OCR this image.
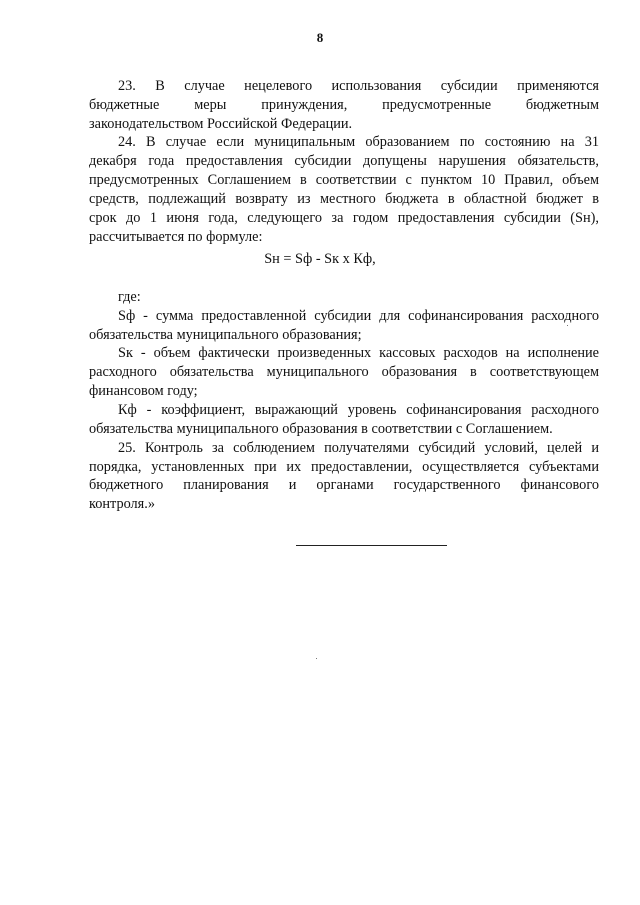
8
23. В случае нецелевого использования субсидии применяются
бюджетные меры принуждения, предусмотренные бюджетным
законодательством Российской Федерации.
24. В случае если муниципальным образованием по состоянию на 31
декабря года предоставления субсидии допущены нарушения обязательств,
предусмотренных Соглашением в соответствии с пунктом 10 Правил, объем
средств, подлежащий возврату из местного бюджета в областной бюджет в
срок до 1 июня года, следующего за годом предоставления субсидии (Sн),
рассчитывается по формуле:
Sн = Sф - Sк х Кф,
где:
Sф - сумма предоставленной субсидии для софинансирования расходного
обязательства муниципального образования;
Sк - объем фактически произведенных кассовых расходов на исполнение
расходного обязательства муниципального образования в соответствующем
финансовом году;
Кф - коэффициент, выражающий уровень софинансирования расходного
обязательства муниципального образования в соответствии с Соглашением.
25. Контроль за соблюдением получателями субсидий условий, целей и
порядка, установленных при их предоставлении, осуществляется субъектами
бюджетного планирования и органами государственного финансового
контроля.»
